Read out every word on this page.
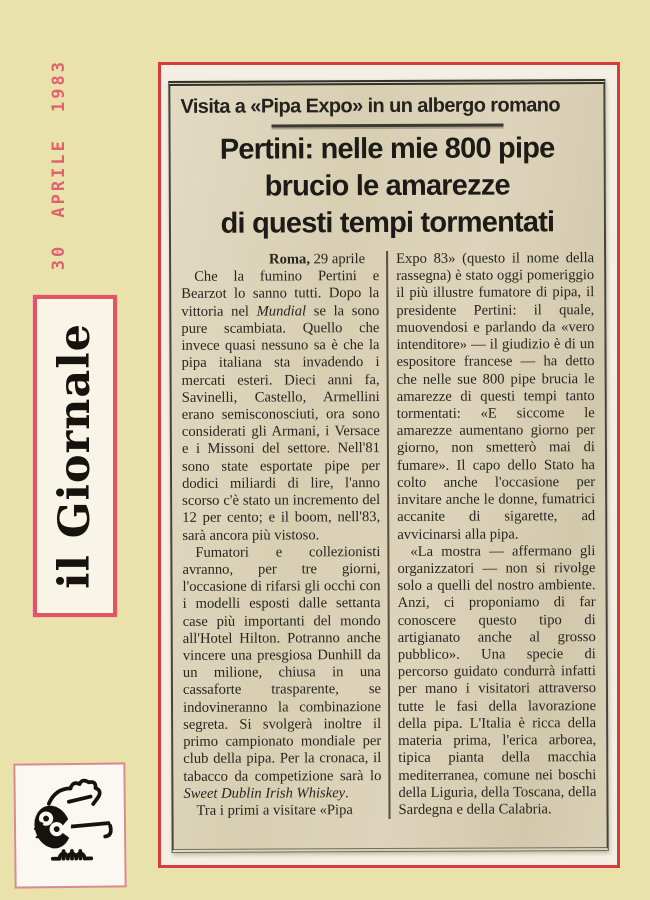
30 APRILE 1983
il Giornale
Visita a «Pipa Expo» in un albergo romano
Pertini: nelle mie 800 pipe
brucio le amarezze
di questi tempi tormentati

Roma, 29 aprile

Che la fumino Pertini e Bearzot lo sanno tutti. Dopo la vittoria nel Mundial se la sono pure scambiata. Quello che invece quasi nessuno sa è che la pipa italiana sta invadendo i mercati esteri. Dieci anni fa, Savinelli, Castello, Armellini erano semisconosciuti, ora sono considerati gli Armani, i Versace e i Missoni del settore. Nell'81 sono state esportate pipe per dodici miliardi di lire, l'anno scorso c'è stato un incremento del 12 per cento; e il boom, nell'83, sarà ancora più vistoso.

Fumatori e collezionisti avranno, per tre giorni, l'occasione di rifarsi gli occhi con i modelli esposti dalle settanta case più importanti del mondo all'Hotel Hilton. Potranno anche vincere una presgiosa Dunhill da un milione, chiusa in una cassaforte trasparente, se indovineranno la combinazione segreta. Si svolgerà inoltre il primo campionato mondiale per club della pipa. Per la cronaca, il tabacco da competizione sarà lo Sweet Dublin Irish Whiskey.

Tra i primi a visitare «Pipa

Expo 83» (questo il nome della rassegna) è stato oggi pomeriggio il più illustre fumatore di pipa, il presidente Pertini: il quale, muovendosi e parlando da «vero intenditore» — il giudizio è di un espositore francese — ha detto che nelle sue 800 pipe brucia le amarezze di questi tempi tanto tormentati: «E siccome le amarezze aumentano giorno per giorno, non smetterò mai di fumare». Il capo dello Stato ha colto anche l'occasione per invitare anche le donne, fumatrici accanite di sigarette, ad avvicinarsi alla pipa.

«La mostra — affermano gli organizzatori — non si rivolge solo a quelli del nostro ambiente. Anzi, ci proponiamo di far conoscere questo tipo di artigianato anche al grosso pubblico». Una specie di percorso guidato condurrà infatti per mano i visitatori attraverso tutte le fasi della lavorazione della pipa. L'Italia è ricca della materia prima, l'erica arborea, tipica pianta della macchia mediterranea, comune nei boschi della Liguria, della Toscana, della Sardegna e della Calabria.
